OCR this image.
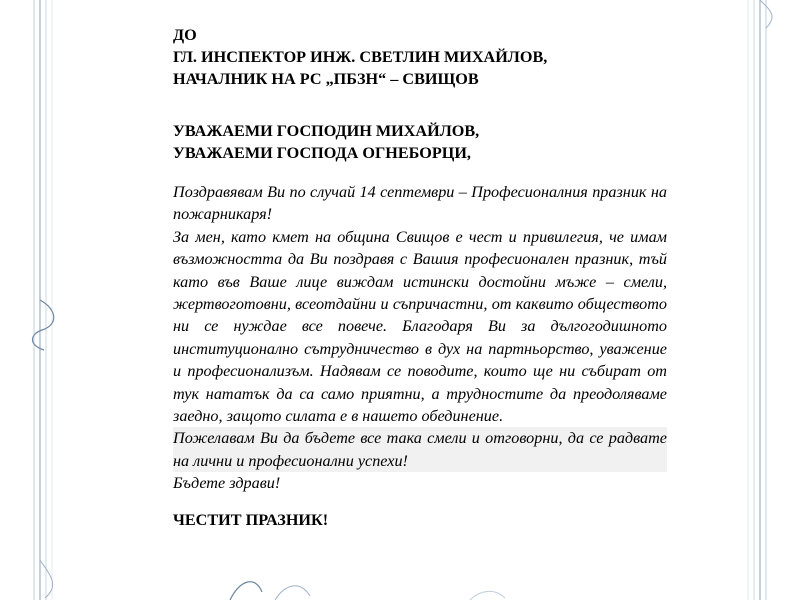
ДО
ГЛ. ИНСПЕКТОР ИНЖ. СВЕТЛИН МИХАЙЛОВ,
НАЧАЛНИК НА РС „ПБЗН“ – СВИЩОВ
УВАЖАЕМИ ГОСПОДИН МИХАЙЛОВ,
УВАЖАЕМИ ГОСПОДА ОГНЕБОРЦИ,

Поздравявам Ви по случай 14 септември – Професионалния празник на пожарникаря!

За мен, като кмет на община Свищов е чест и привилегия, че имам възможността да Ви поздравя с Вашия професионален празник, тъй като във Ваше лице виждам истински достойни мъже – смели, жертвоготовни, всеотдайни и съпричастни, от каквито обществото ни се нуждае все повече. Благодаря Ви за дългогодишното институционално сътрудничество в дух на партньорство, уважение и професионализъм. Надявам се поводите, които ще ни събират от тук нататък да са само приятни, а трудностите да преодоляваме заедно, защото силата е в нашето обединение.

Пожелавам Ви да бъдете все така смели и отговорни, да се радвате на лични и професионални успехи!

Бъдете здрави!

ЧЕСТИТ ПРАЗНИК!
